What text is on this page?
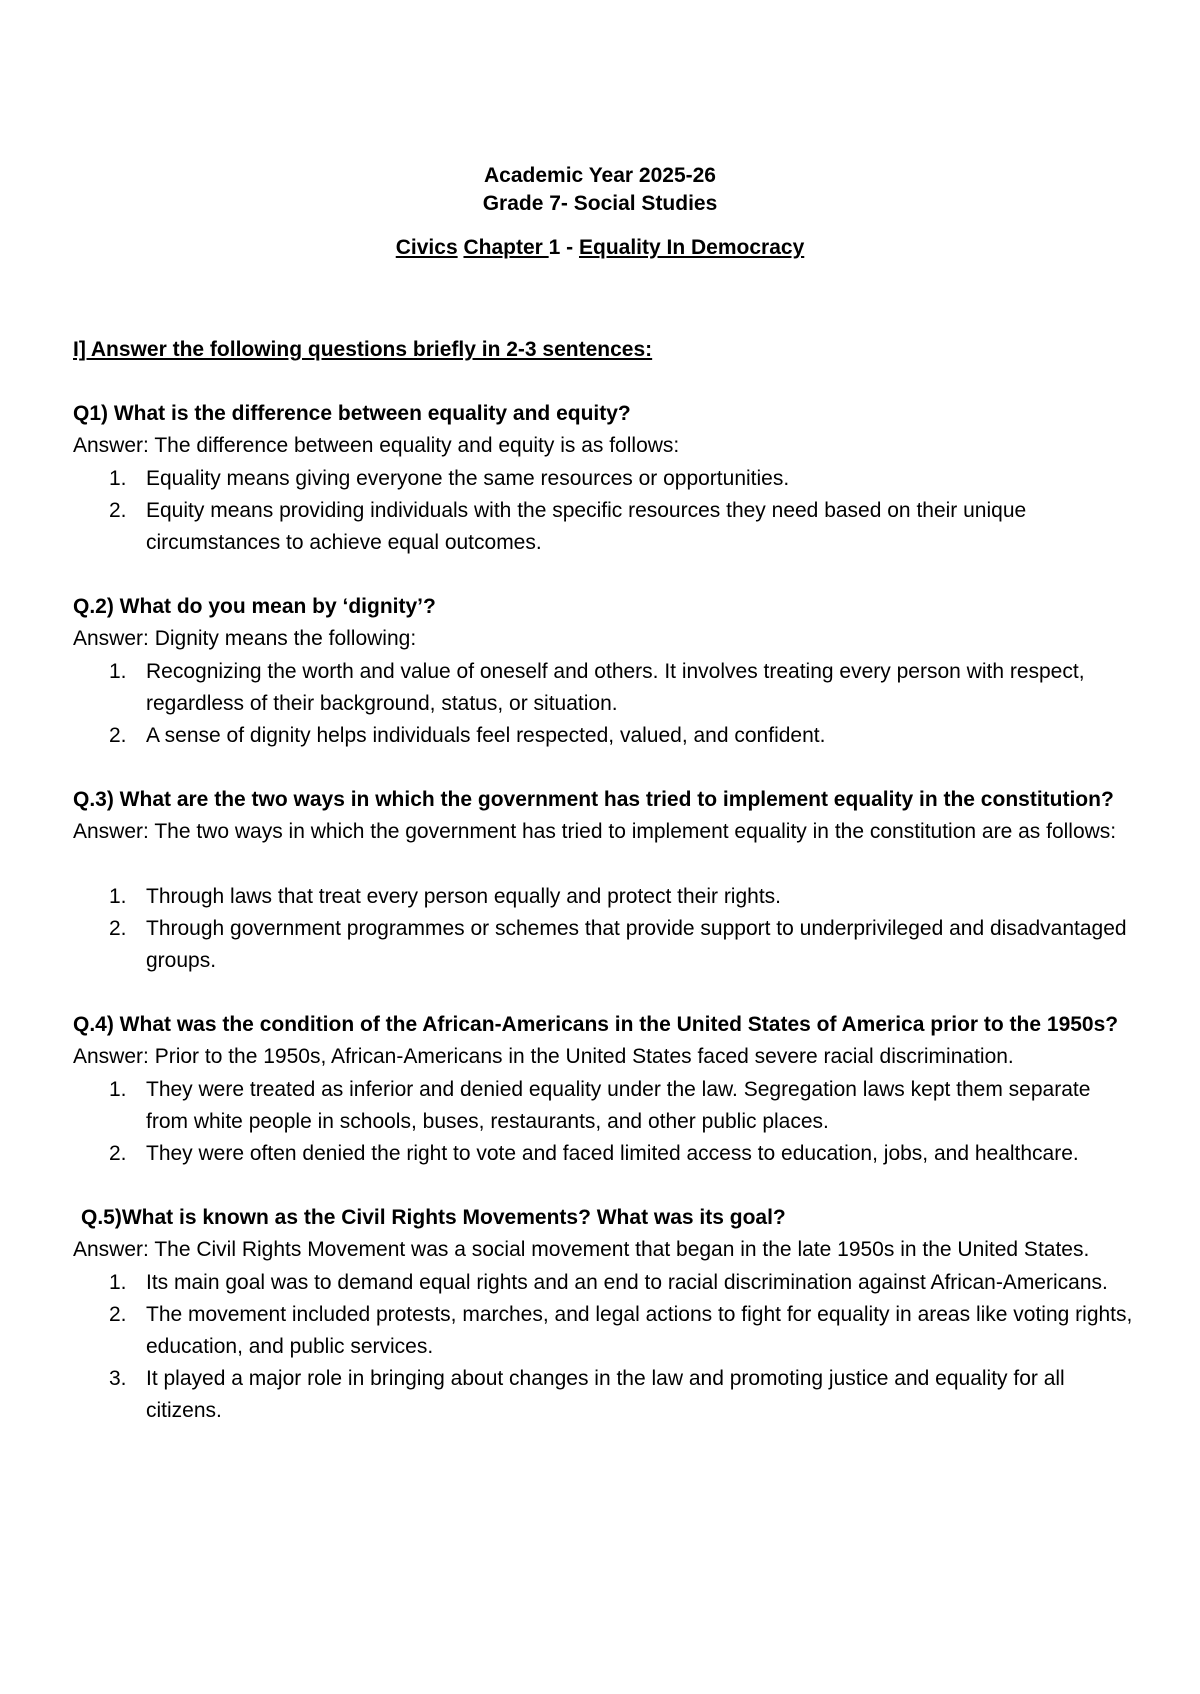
Academic Year 2025-26
Grade 7- Social Studies
Civics Chapter 1 - Equality In Democracy

I] Answer the following questions briefly in 2-3 sentences:

Q1) What is the difference between equality and equity?

Answer: The difference between equality and equity is as follows:

1. Equality means giving everyone the same resources or opportunities.
2. Equity means providing individuals with the specific resources they need based on their unique circumstances to achieve equal outcomes.

Q.2) What do you mean by ‘dignity’?

Answer: Dignity means the following:

1. Recognizing the worth and value of oneself and others. It involves treating every person with respect, regardless of their background, status, or situation.
2. A sense of dignity helps individuals feel respected, valued, and confident.

Q.3) What are the two ways in which the government has tried to implement equality in the constitution?

Answer: The two ways in which the government has tried to implement equality in the constitution are as follows:

1. Through laws that treat every person equally and protect their rights.
2. Through government programmes or schemes that provide support to underprivileged and disadvantaged groups.

Q.4) What was the condition of the African-Americans in the United States of America prior to the 1950s?

Answer: Prior to the 1950s, African-Americans in the United States faced severe racial discrimination.

1. They were treated as inferior and denied equality under the law. Segregation laws kept them separate from white people in schools, buses, restaurants, and other public places.
2. They were often denied the right to vote and faced limited access to education, jobs, and healthcare.

Q.5)What is known as the Civil Rights Movements? What was its goal?

Answer: The Civil Rights Movement was a social movement that began in the late 1950s in the United States.

1. Its main goal was to demand equal rights and an end to racial discrimination against African-Americans.
2. The movement included protests, marches, and legal actions to fight for equality in areas like voting rights, education, and public services.
3. It played a major role in bringing about changes in the law and promoting justice and equality for all citizens.
